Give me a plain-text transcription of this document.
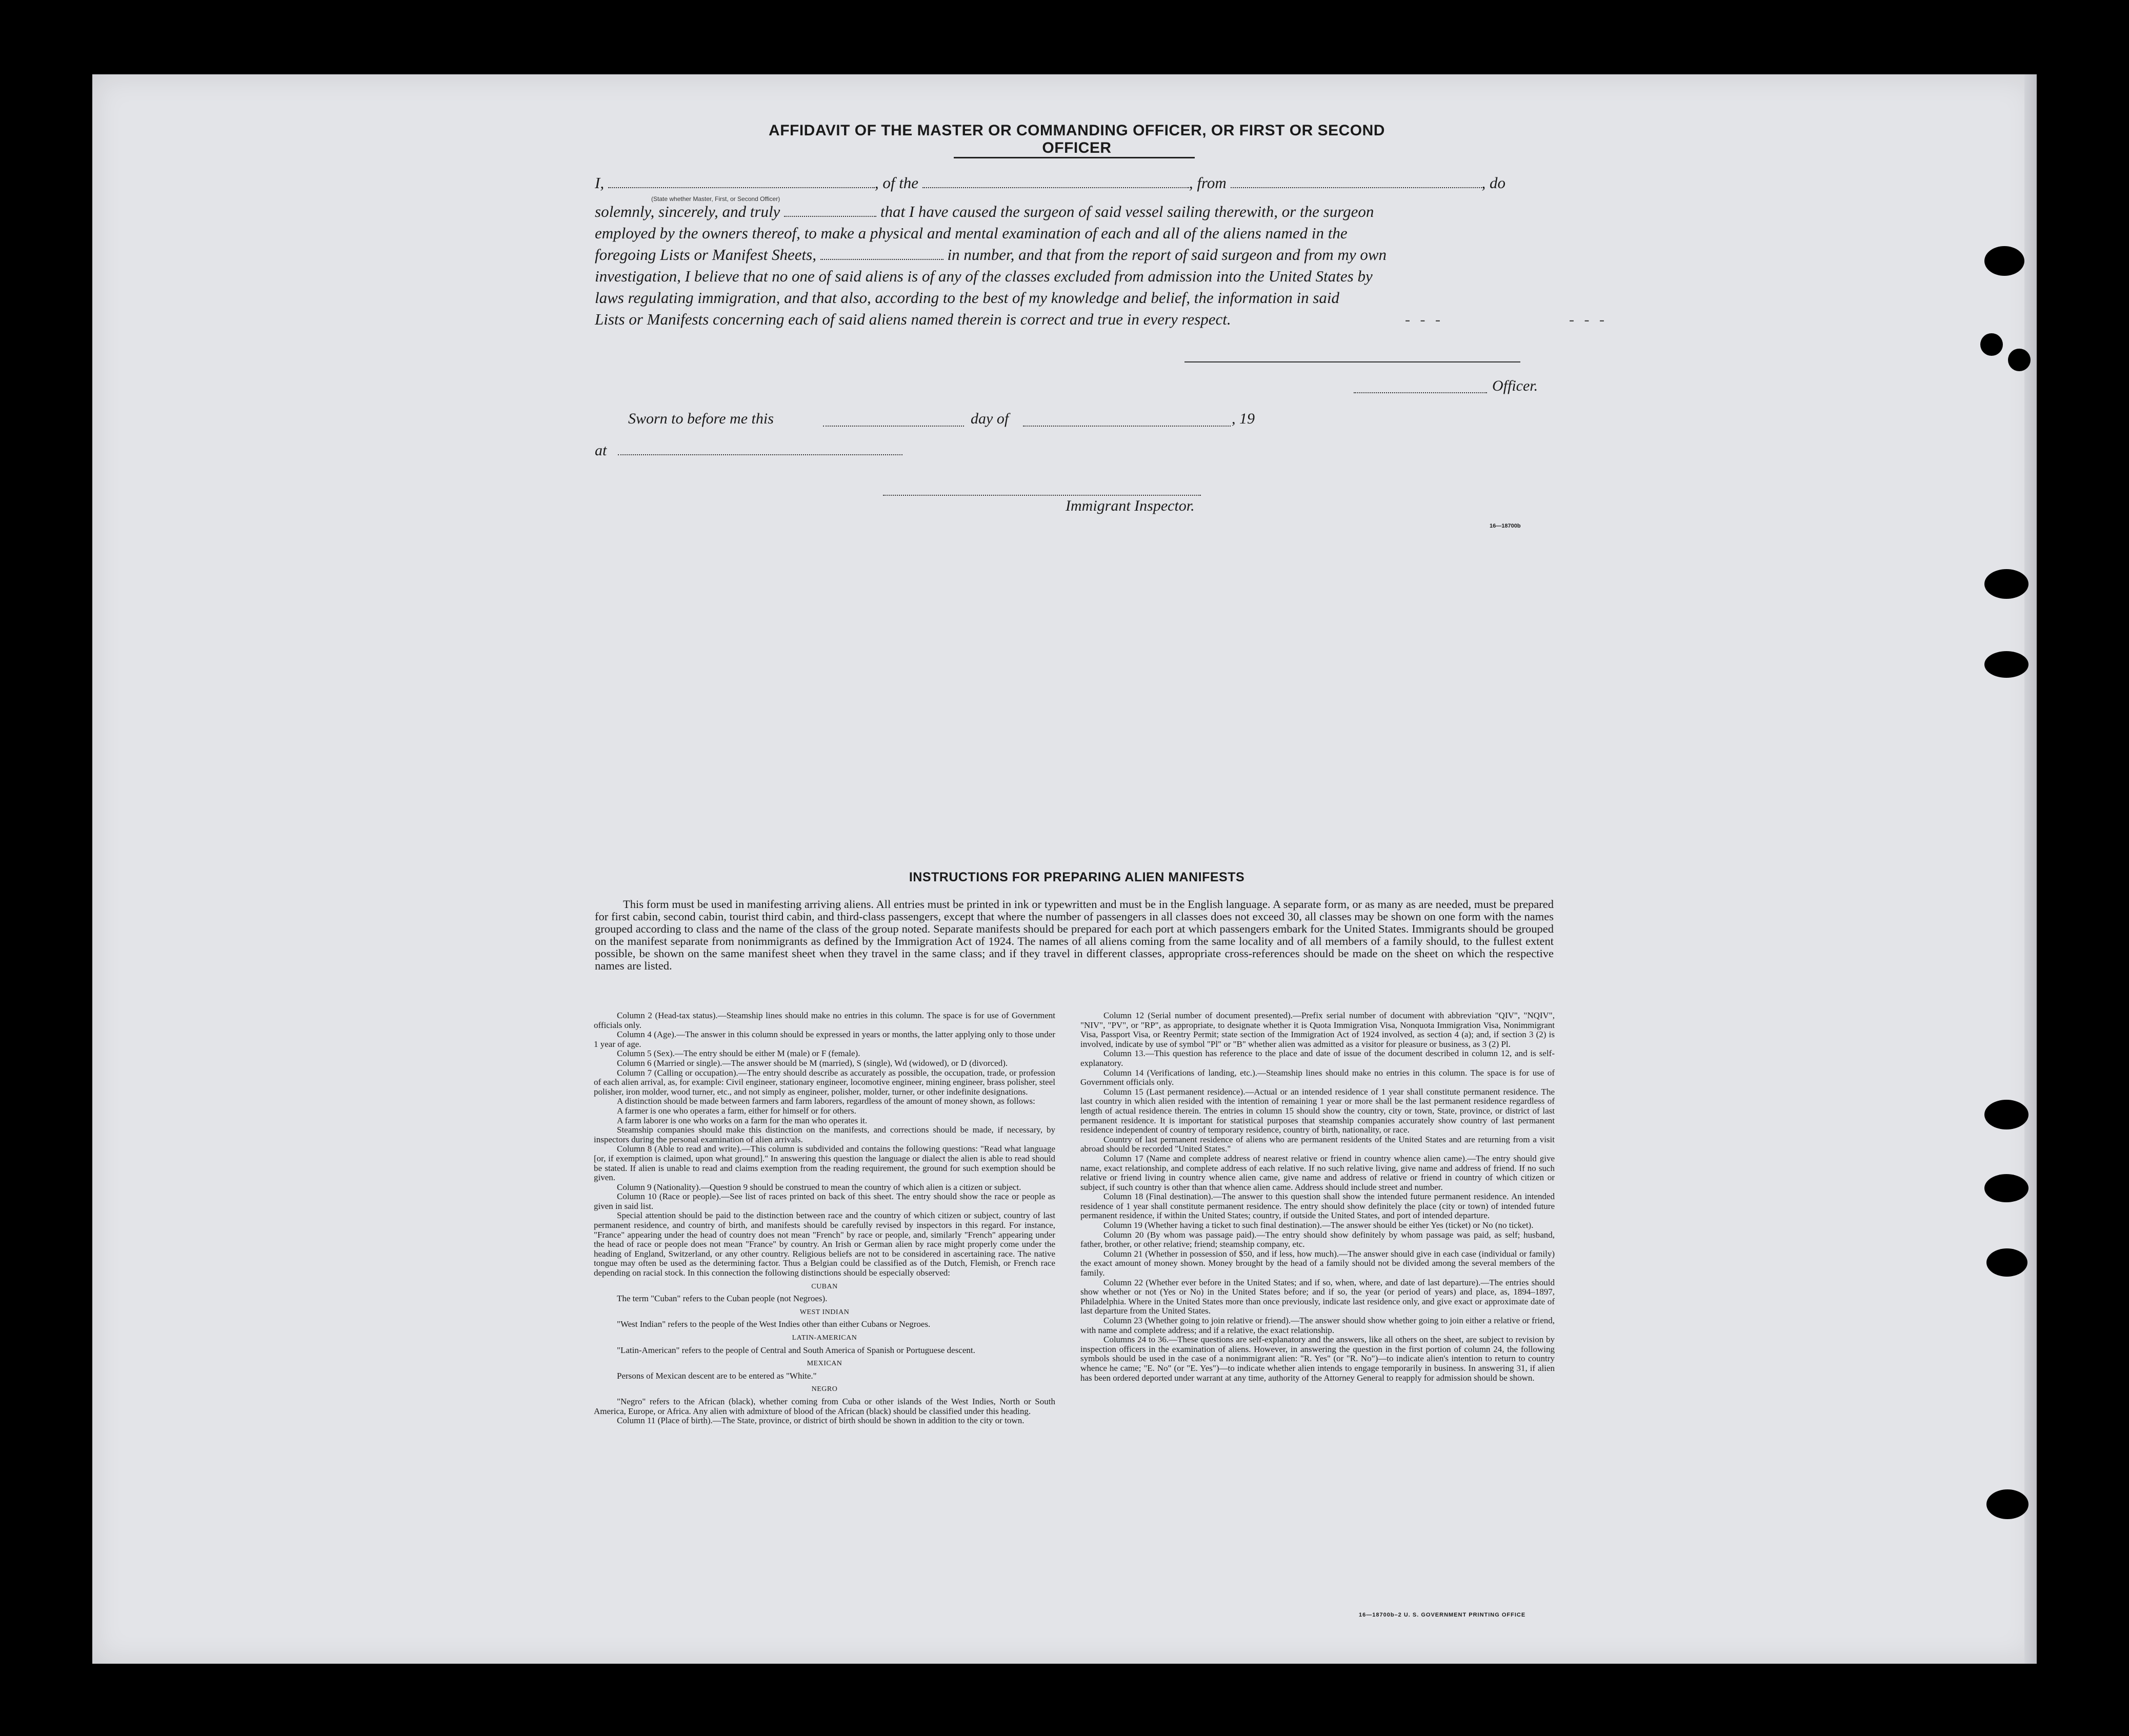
AFFIDAVIT OF THE MASTER OR COMMANDING OFFICER, OR FIRST OR SECOND OFFICER
I,	, of the	, from	, do
(State whether Master, First, or Second Officer)
solemnly, sincerely, and truly	that I have caused the surgeon of said vessel sailing therewith, or the surgeon
employed by the owners thereof, to make a physical and mental examination of each and all of the aliens named in the
foregoing Lists or Manifest Sheets,	in number, and that from the report of said surgeon and from my own
investigation, I believe that no one of said aliens is of any of the classes excluded from admission into the United States by
laws regulating immigration, and that also, according to the best of my knowledge and belief, the information in said
Lists or Manifests concerning each of said aliens named therein is correct and true in every respect.	- - -	- - -
Officer.
Sworn to before me this	day of	, 19
at
Immigrant Inspector.
16—18700b
INSTRUCTIONS FOR PREPARING ALIEN MANIFESTS
This form must be used in manifesting arriving aliens. All entries must be printed in ink or typewritten and must be in the English language. A separate form, or as many as are needed, must be prepared for first cabin, second cabin, tourist third cabin, and third-class passengers, except that where the number of passengers in all classes does not exceed 30, all classes may be shown on one form with the names grouped according to class and the name of the class of the group noted. Separate manifests should be prepared for each port at which passengers embark for the United States. Immigrants should be grouped on the manifest separate from nonimmigrants as defined by the Immigration Act of 1924. The names of all aliens coming from the same locality and of all members of a family should, to the fullest extent possible, be shown on the same manifest sheet when they travel in the same class; and if they travel in different classes, appropriate cross-references should be made on the sheet on which the respective names are listed.

Column 2 (Head-tax status).—Steamship lines should make no entries in this column. The space is for use of Government officials only.

Column 4 (Age).—The answer in this column should be expressed in years or months, the latter applying only to those under 1 year of age.

Column 5 (Sex).—The entry should be either M (male) or F (female).

Column 6 (Married or single).—The answer should be M (married), S (single), Wd (widowed), or D (divorced).

Column 7 (Calling or occupation).—The entry should describe as accurately as possible, the occupation, trade, or profession of each alien arrival, as, for example: Civil engineer, stationary engineer, locomotive engineer, mining engineer, brass polisher, steel polisher, iron molder, wood turner, etc., and not simply as engineer, polisher, molder, turner, or other indefinite designations.

A distinction should be made between farmers and farm laborers, regardless of the amount of money shown, as follows:

A farmer is one who operates a farm, either for himself or for others.

A farm laborer is one who works on a farm for the man who operates it.

Steamship companies should make this distinction on the manifests, and corrections should be made, if necessary, by inspectors during the personal examination of alien arrivals.

Column 8 (Able to read and write).—This column is subdivided and contains the following questions: "Read what language [or, if exemption is claimed, upon what ground]." In answering this question the language or dialect the alien is able to read should be stated. If alien is unable to read and claims exemption from the reading requirement, the ground for such exemption should be given.

Column 9 (Nationality).—Question 9 should be construed to mean the country of which alien is a citizen or subject.

Column 10 (Race or people).—See list of races printed on back of this sheet. The entry should show the race or people as given in said list.

Special attention should be paid to the distinction between race and the country of which citizen or subject, country of last permanent residence, and country of birth, and manifests should be carefully revised by inspectors in this regard. For instance, "France" appearing under the head of country does not mean "French" by race or people, and, similarly "French" appearing under the head of race or people does not mean "France" by country. An Irish or German alien by race might properly come under the heading of England, Switzerland, or any other country. Religious beliefs are not to be considered in ascertaining race. The native tongue may often be used as the determining factor. Thus a Belgian could be classified as of the Dutch, Flemish, or French race depending on racial stock. In this connection the following distinctions should be especially observed:

CUBAN

The term "Cuban" refers to the Cuban people (not Negroes).

WEST INDIAN

"West Indian" refers to the people of the West Indies other than either Cubans or Negroes.

LATIN-AMERICAN

"Latin-American" refers to the people of Central and South America of Spanish or Portuguese descent.

MEXICAN

Persons of Mexican descent are to be entered as "White."

NEGRO

"Negro" refers to the African (black), whether coming from Cuba or other islands of the West Indies, North or South America, Europe, or Africa. Any alien with admixture of blood of the African (black) should be classified under this heading.

Column 11 (Place of birth).—The State, province, or district of birth should be shown in addition to the city or town.

Column 12 (Serial number of document presented).—Prefix serial number of document with abbreviation "QIV", "NQIV", "NIV", "PV", or "RP", as appropriate, to designate whether it is Quota Immigration Visa, Nonquota Immigration Visa, Nonimmigrant Visa, Passport Visa, or Reentry Permit; state section of the Immigration Act of 1924 involved, as section 4 (a); and, if section 3 (2) is involved, indicate by use of symbol "Pl" or "B" whether alien was admitted as a visitor for pleasure or business, as 3 (2) Pl.

Column 13.—This question has reference to the place and date of issue of the document described in column 12, and is self-explanatory.

Column 14 (Verifications of landing, etc.).—Steamship lines should make no entries in this column. The space is for use of Government officials only.

Column 15 (Last permanent residence).—Actual or an intended residence of 1 year shall constitute permanent residence. The last country in which alien resided with the intention of remaining 1 year or more shall be the last permanent residence regardless of length of actual residence therein. The entries in column 15 should show the country, city or town, State, province, or district of last permanent residence. It is important for statistical purposes that steamship companies accurately show country of last permanent residence independent of country of temporary residence, country of birth, nationality, or race.

Country of last permanent residence of aliens who are permanent residents of the United States and are returning from a visit abroad should be recorded "United States."

Column 17 (Name and complete address of nearest relative or friend in country whence alien came).—The entry should give name, exact relationship, and complete address of each relative. If no such relative living, give name and address of friend. If no such relative or friend living in country whence alien came, give name and address of relative or friend in country of which citizen or subject, if such country is other than that whence alien came. Address should include street and number.

Column 18 (Final destination).—The answer to this question shall show the intended future permanent residence. An intended residence of 1 year shall constitute permanent residence. The entry should show definitely the place (city or town) of intended future permanent residence, if within the United States; country, if outside the United States, and port of intended departure.

Column 19 (Whether having a ticket to such final destination).—The answer should be either Yes (ticket) or No (no ticket).

Column 20 (By whom was passage paid).—The entry should show definitely by whom passage was paid, as self; husband, father, brother, or other relative; friend; steamship company, etc.

Column 21 (Whether in possession of $50, and if less, how much).—The answer should give in each case (individual or family) the exact amount of money shown. Money brought by the head of a family should not be divided among the several members of the family.

Column 22 (Whether ever before in the United States; and if so, when, where, and date of last departure).—The entries should show whether or not (Yes or No) in the United States before; and if so, the year (or period of years) and place, as, 1894–1897, Philadelphia. Where in the United States more than once previously, indicate last residence only, and give exact or approximate date of last departure from the United States.

Column 23 (Whether going to join relative or friend).—The answer should show whether going to join either a relative or friend, with name and complete address; and if a relative, the exact relationship.

Columns 24 to 36.—These questions are self-explanatory and the answers, like all others on the sheet, are subject to revision by inspection officers in the examination of aliens. However, in answering the question in the first portion of column 24, the following symbols should be used in the case of a nonimmigrant alien: "R. Yes" (or "R. No")—to indicate alien's intention to return to country whence he came; "E. No" (or "E. Yes")—to indicate whether alien intends to engage temporarily in business. In answering 31, if alien has been ordered deported under warrant at any time, authority of the Attorney General to reapply for admission should be shown.

16—18700b–2 U. S. GOVERNMENT PRINTING OFFICE
